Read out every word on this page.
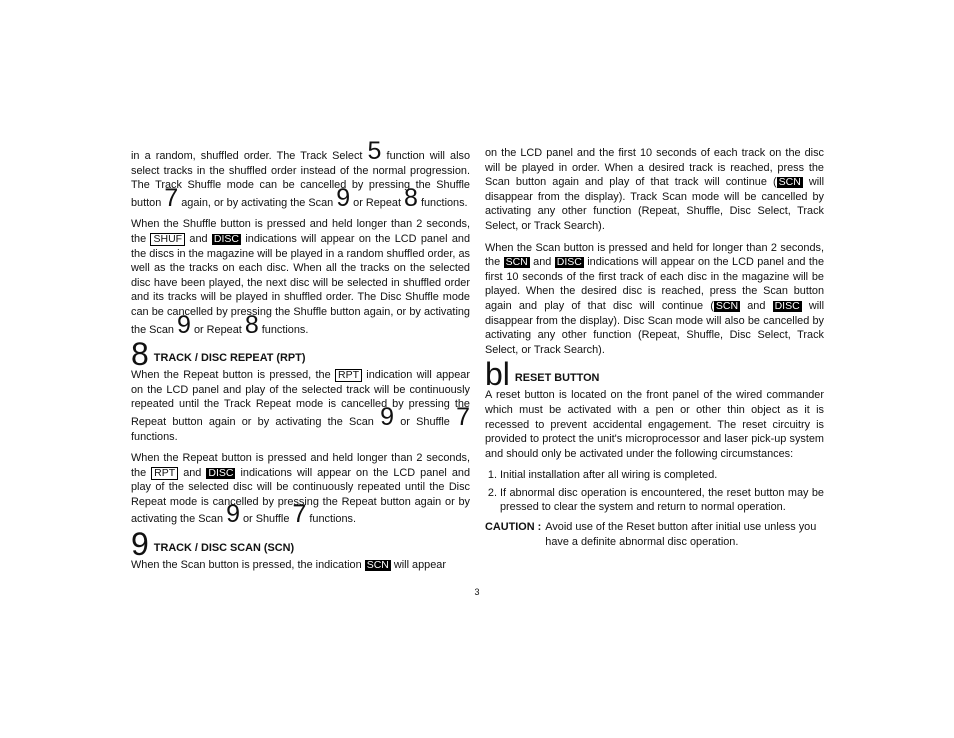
in a random, shuffled order. The Track Select 5 function will also select tracks in the shuffled order instead of the normal progression. The Track Shuffle mode can be cancelled by pressing the Shuffle button 7 again, or by activating the Scan 9 or Repeat 8 functions.

When the Shuffle button is pressed and held longer than 2 seconds, the SHUF and DISC indications will appear on the LCD panel and the discs in the magazine will be played in a random shuffled order, as well as the tracks on each disc. When all the tracks on the selected disc have been played, the next disc will be selected in shuffled order and its tracks will be played in shuffled order. The Disc Shuffle mode can be cancelled by pressing the Shuffle button again, or by activating the Scan 9 or Repeat 8 functions.

8 TRACK / DISC REPEAT (RPT)

When the Repeat button is pressed, the RPT indication will appear on the LCD panel and play of the selected track will be continuously repeated until the Track Repeat mode is cancelled by pressing the Repeat button again or by activating the Scan 9 or Shuffle 7 functions.

When the Repeat button is pressed and held longer than 2 seconds, the RPT and DISC indications will appear on the LCD panel and play of the selected disc will be continuously repeated until the Disc Repeat mode is cancelled by pressing the Repeat button again or by activating the Scan 9 or Shuffle 7 functions.

9 TRACK / DISC SCAN (SCN)

When the Scan button is pressed, the indication SCN will appear

on the LCD panel and the first 10 seconds of each track on the disc will be played in order. When a desired track is reached, press the Scan button again and play of that track will continue ( SCN will disappear from the display). Track Scan mode will be cancelled by activating any other function (Repeat, Shuffle, Disc Select, Track Select, or Track Search).

When the Scan button is pressed and held for longer than 2 seconds, the SCN and DISC indications will appear on the LCD panel and the first 10 seconds of the first track of each disc in the magazine will be played. When the desired disc is reached, press the Scan button again and play of that disc will continue ( SCN and DISC will disappear from the display). Disc Scan mode will also be cancelled by activating any other function (Repeat, Shuffle, Disc Select, Track Select, or Track Search).

bl RESET BUTTON

A reset button is located on the front panel of the wired commander which must be activated with a pen or other thin object as it is recessed to prevent accidental engagement. The reset circuitry is provided to protect the unit's microprocessor and laser pick-up system and should only be activated under the following circumstances:

1. Initial installation after all wiring is completed.
2. If abnormal disc operation is encountered, the reset button may be pressed to clear the system and return to normal operation.
CAUTION : Avoid use of the Reset button after initial use unless you have a definite abnormal disc operation.
3
